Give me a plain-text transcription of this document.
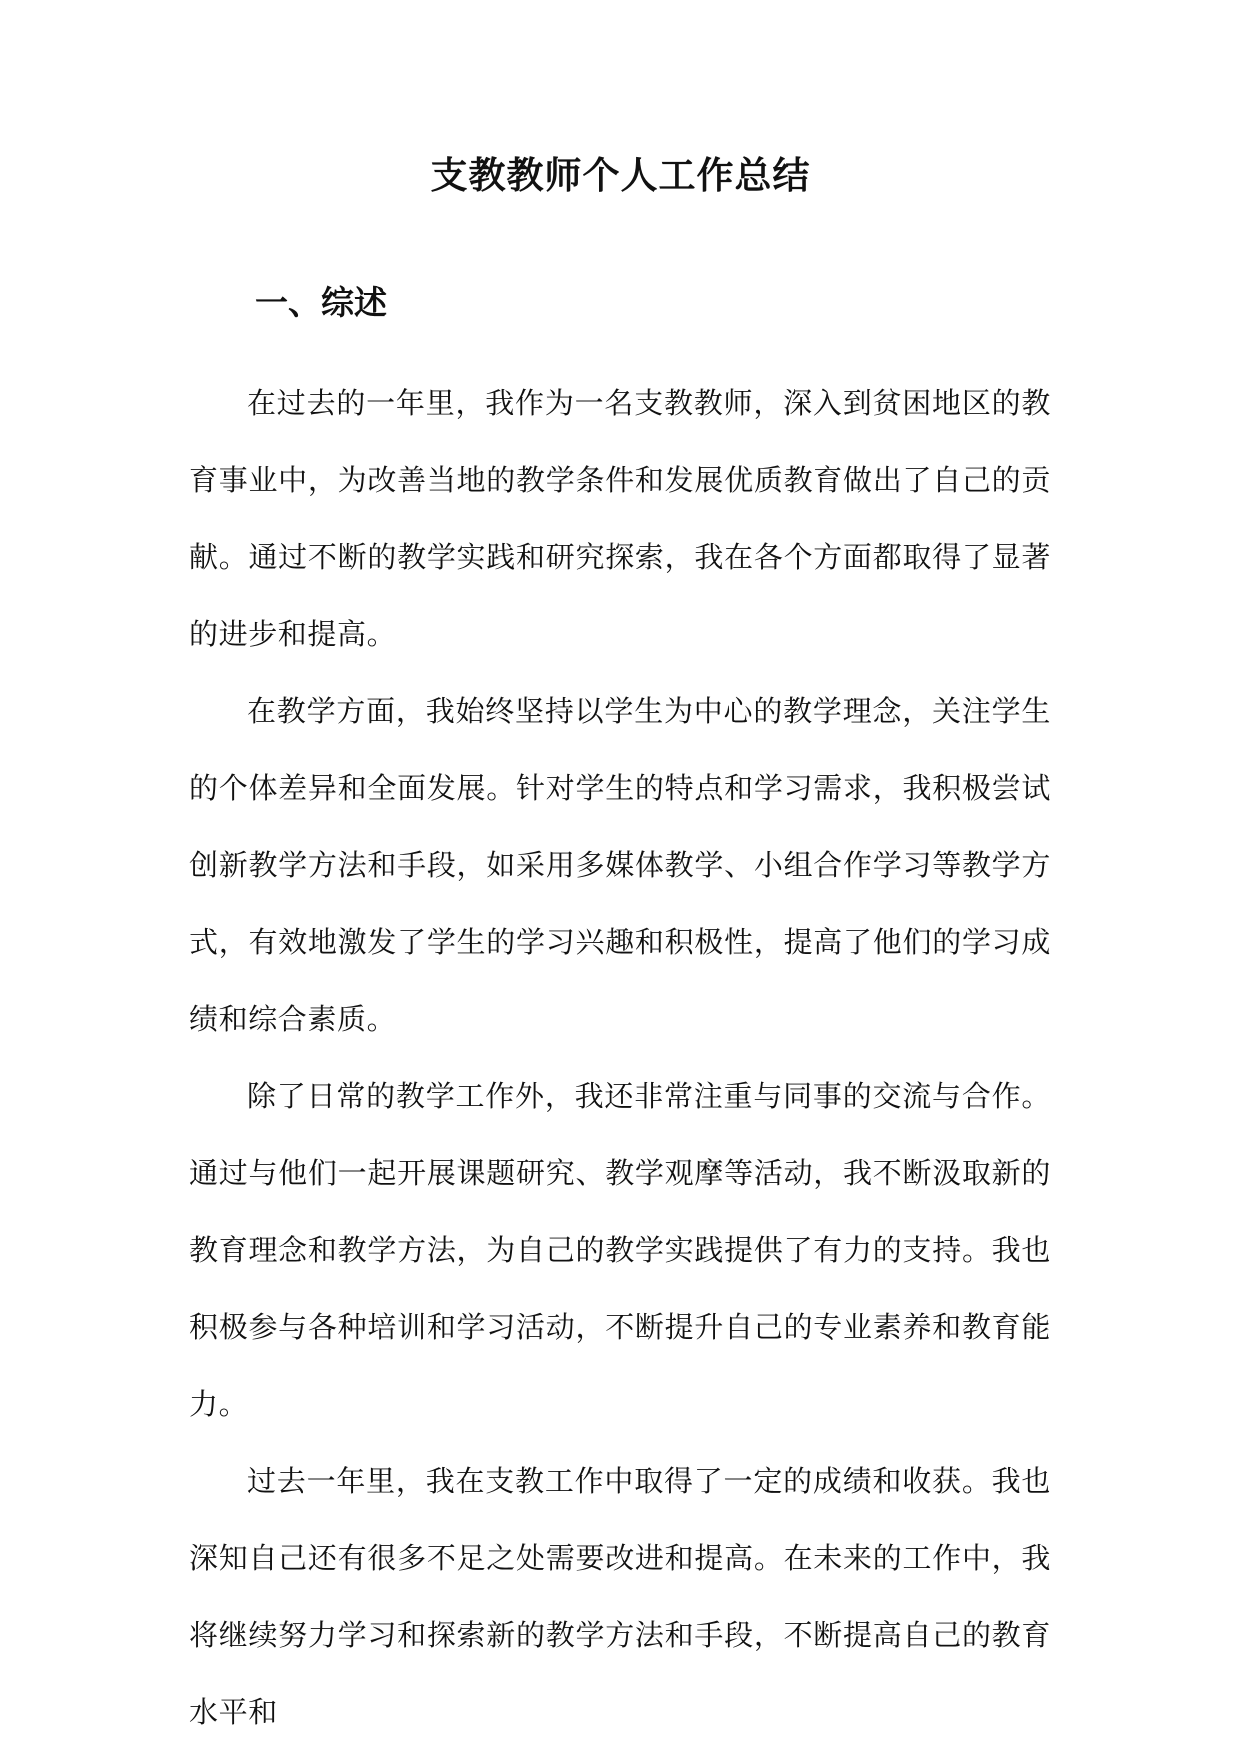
支教教师个人工作总结
一、综述

在过去的一年里，我作为一名支教教师，深入到贫困地区的教育事业中，为改善当地的教学条件和发展优质教育做出了自己的贡献。通过不断的教学实践和研究探索，我在各个方面都取得了显著的进步和提高。

在教学方面，我始终坚持以学生为中心的教学理念，关注学生的个体差异和全面发展。针对学生的特点和学习需求，我积极尝试创新教学方法和手段，如采用多媒体教学、小组合作学习等教学方式，有效地激发了学生的学习兴趣和积极性，提高了他们的学习成绩和综合素质。

除了日常的教学工作外，我还非常注重与同事的交流与合作。通过与他们一起开展课题研究、教学观摩等活动，我不断汲取新的教育理念和教学方法，为自己的教学实践提供了有力的支持。我也积极参与各种培训和学习活动，不断提升自己的专业素养和教育能力。

过去一年里，我在支教工作中取得了一定的成绩和收获。我也深知自己还有很多不足之处需要改进和提高。在未来的工作中，我将继续努力学习和探索新的教学方法和手段，不断提高自己的教育水平和
